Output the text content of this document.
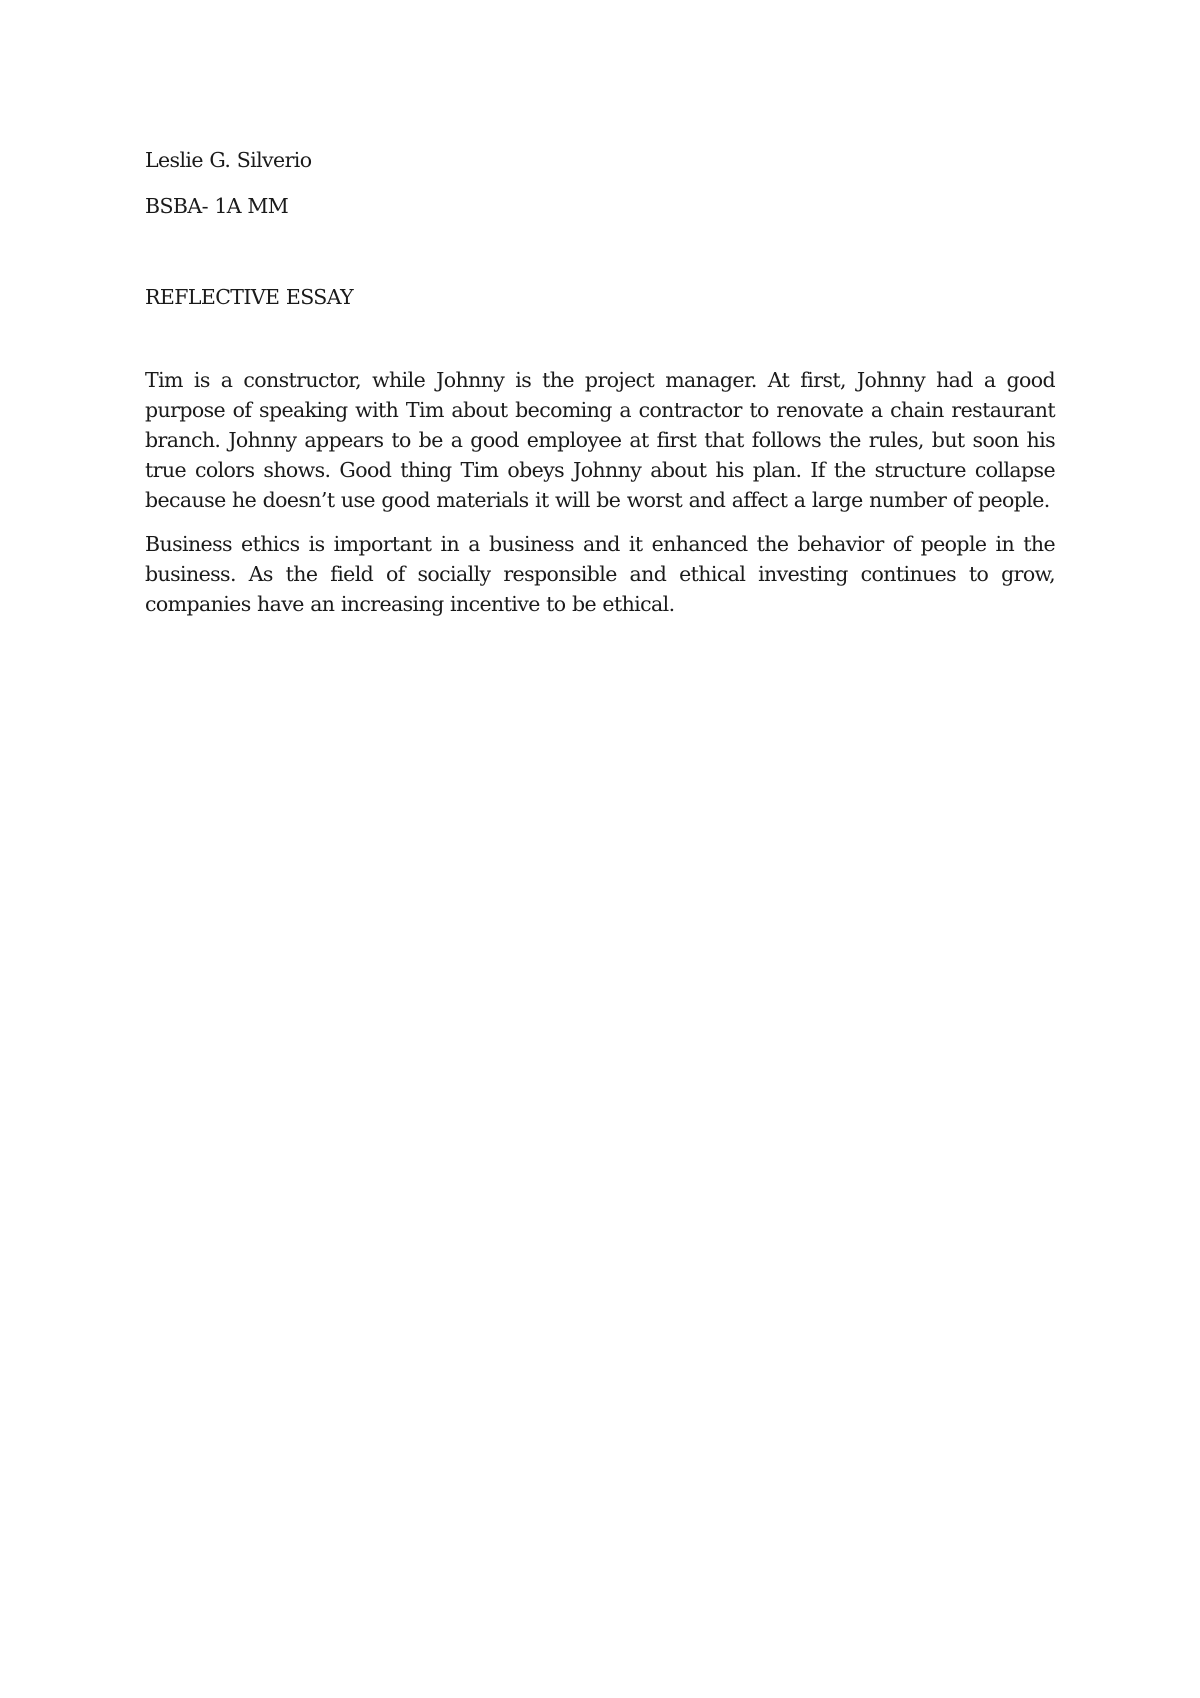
Leslie G. Silverio

BSBA- 1A MM

REFLECTIVE ESSAY

Tim is a constructor, while Johnny is the project manager. At first, Johnny had a good purpose of speaking with Tim about becoming a contractor to renovate a chain restaurant branch. Johnny appears to be a good employee at first that follows the rules, but soon his true colors shows. Good thing Tim obeys Johnny about his plan. If the structure collapse because he doesn’t use good materials it will be worst and affect a large number of people.

Business ethics is important in a business and it enhanced the behavior of people in the business. As the field of socially responsible and ethical investing continues to grow, companies have an increasing incentive to be ethical.
